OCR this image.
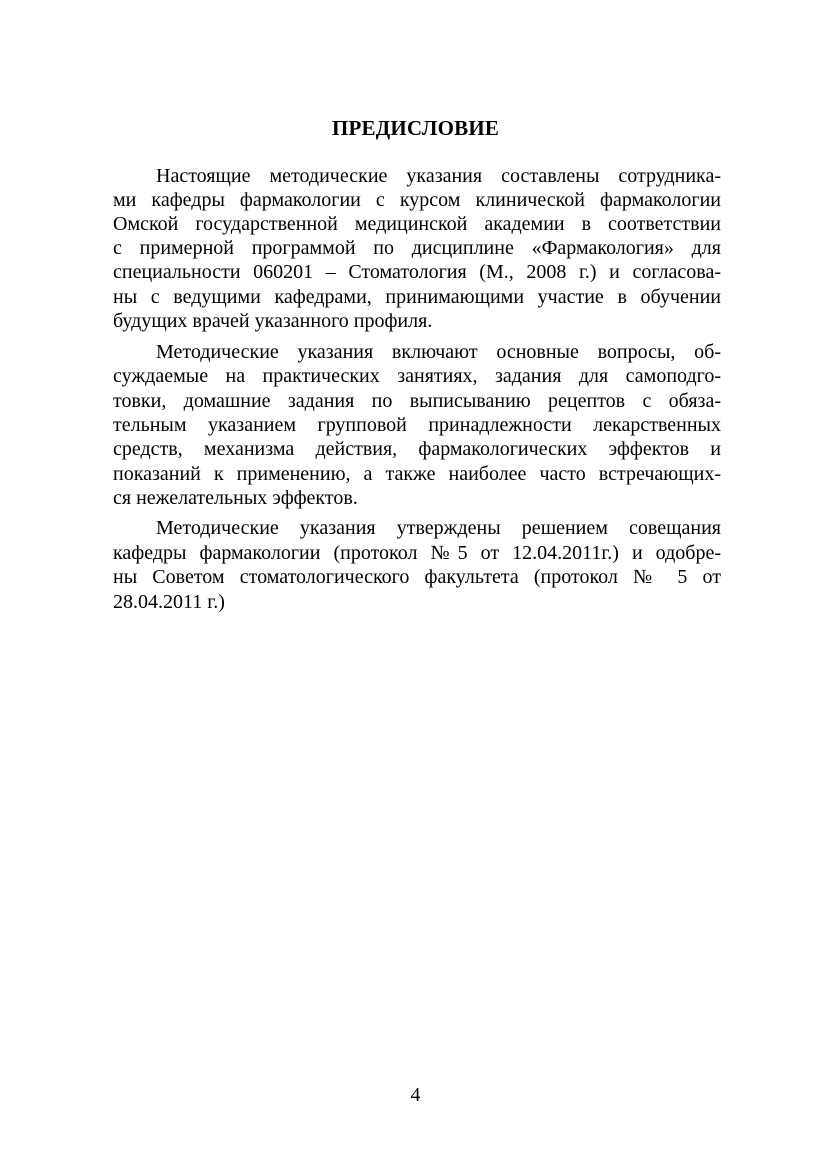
ПРЕДИСЛОВИЕ
Настоящие методические указания составлены сотрудника-
ми кафедры фармакологии с курсом клинической фармакологии
Омской государственной медицинской академии в соответствии
с примерной программой по дисциплине «Фармакология» для
специальности 060201 – Стоматология (М., 2008 г.) и согласова-
ны с ведущими кафедрами, принимающими участие в обучении
будущих врачей указанного профиля.
Методические указания включают основные вопросы, об-
суждаемые на практических занятиях, задания для самоподго-
товки, домашние задания по выписыванию рецептов с обяза-
тельным указанием групповой принадлежности лекарственных
средств, механизма действия, фармакологических эффектов и
показаний к применению, а также наиболее часто встречающих-
ся нежелательных эффектов.
Методические указания утверждены решением совещания
кафедры фармакологии (протокол №5 от 12.04.2011г.) и одобре-
ны Советом стоматологического факультета (протокол № 5 от
28.04.2011 г.)
4
